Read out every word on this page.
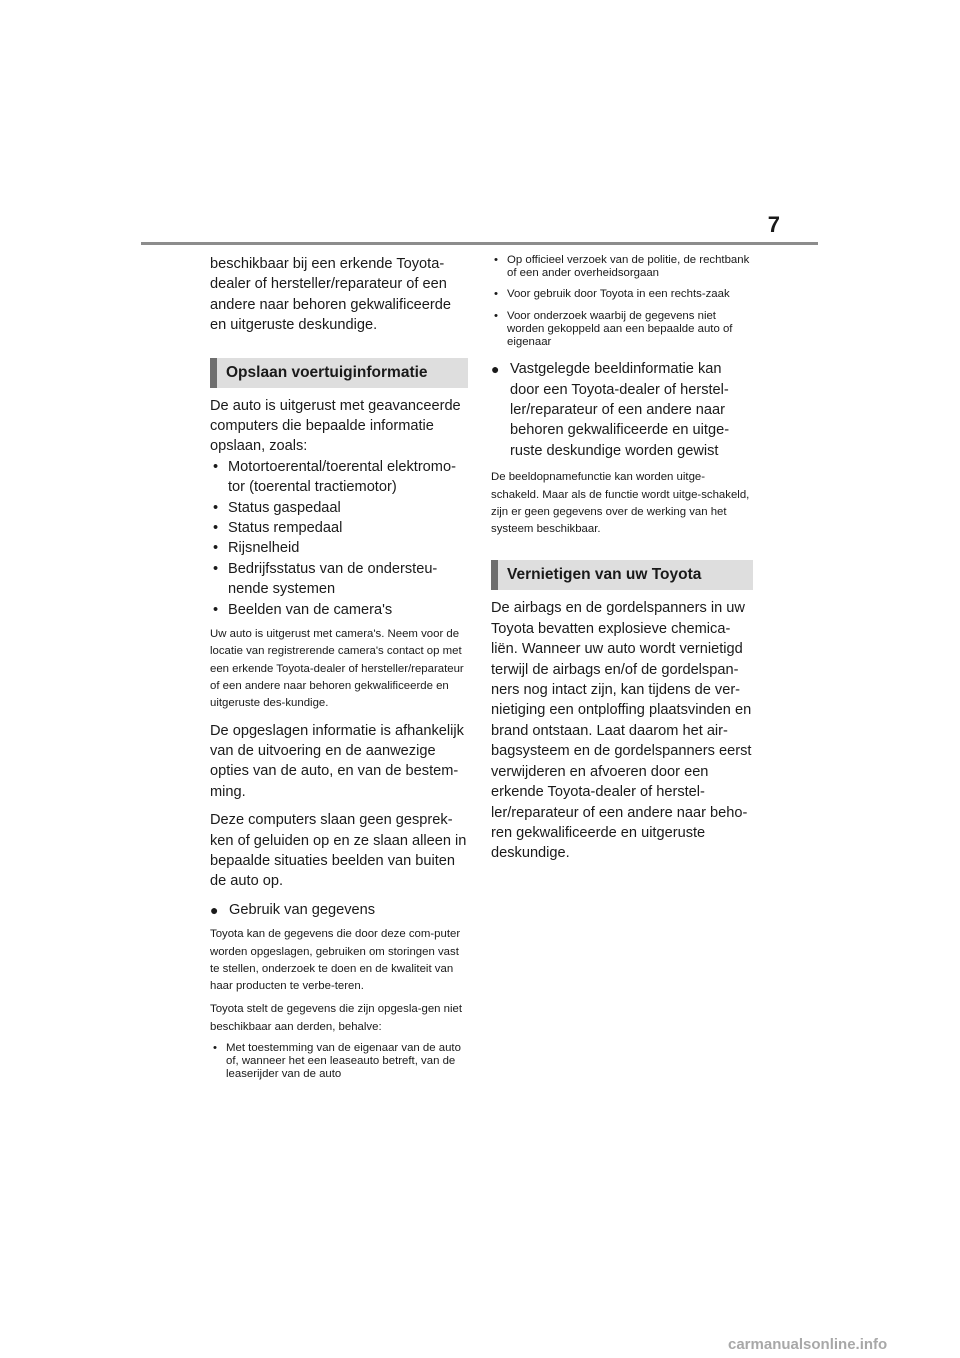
7

beschikbaar bij een erkende Toyota-dealer of hersteller/reparateur of een andere naar behoren gekwalificeerde en uitgeruste deskundige.

Opslaan voertuiginformatie

De auto is uitgerust met geavanceerde computers die bepaalde informatie opslaan, zoals:

• Motortoerental/toerental elektromo-tor (toerental tractiemotor)
• Status gaspedaal
• Status rempedaal
• Rijsnelheid
• Bedrijfsstatus van de ondersteu-nende systemen
• Beelden van de camera's

Uw auto is uitgerust met camera's. Neem voor de locatie van registrerende camera's contact op met een erkende Toyota-dealer of hersteller/reparateur of een andere naar behoren gekwalificeerde en uitgeruste des-kundige.

De opgeslagen informatie is afhankelijk van de uitvoering en de aanwezige opties van de auto, en van de bestem-ming.

Deze computers slaan geen gesprek-ken of geluiden op en ze slaan alleen in bepaalde situaties beelden van buiten de auto op.

● Gebruik van gegevens

Toyota kan de gegevens die door deze com-puter worden opgeslagen, gebruiken om storingen vast te stellen, onderzoek te doen en de kwaliteit van haar producten te verbe-teren.

Toyota stelt de gegevens die zijn opgesla-gen niet beschikbaar aan derden, behalve:

• Met toestemming van de eigenaar van de auto of, wanneer het een leaseauto betreft, van de leaserijder van de auto
• Op officieel verzoek van de politie, de rechtbank of een ander overheidsorgaan
• Voor gebruik door Toyota in een rechts-zaak
• Voor onderzoek waarbij de gegevens niet worden gekoppeld aan een bepaalde auto of eigenaar

● Vastgelegde beeldinformatie kan door een Toyota-dealer of herstel-ler/reparateur of een andere naar behoren gekwalificeerde en uitge-ruste deskundige worden gewist

De beeldopnamefunctie kan worden uitge-schakeld. Maar als de functie wordt uitge-schakeld, zijn er geen gegevens over de werking van het systeem beschikbaar.

Vernietigen van uw Toyota

De airbags en de gordelspanners in uw Toyota bevatten explosieve chemica-liën. Wanneer uw auto wordt vernietigd terwijl de airbags en/of de gordelspan-ners nog intact zijn, kan tijdens de ver-nietiging een ontploffing plaatsvinden en brand ontstaan. Laat daarom het air-bagsysteem en de gordelspanners eerst verwijderen en afvoeren door een erkende Toyota-dealer of herstel-ler/reparateur of een andere naar beho-ren gekwalificeerde en uitgeruste deskundige.

carmanualsonline.info
